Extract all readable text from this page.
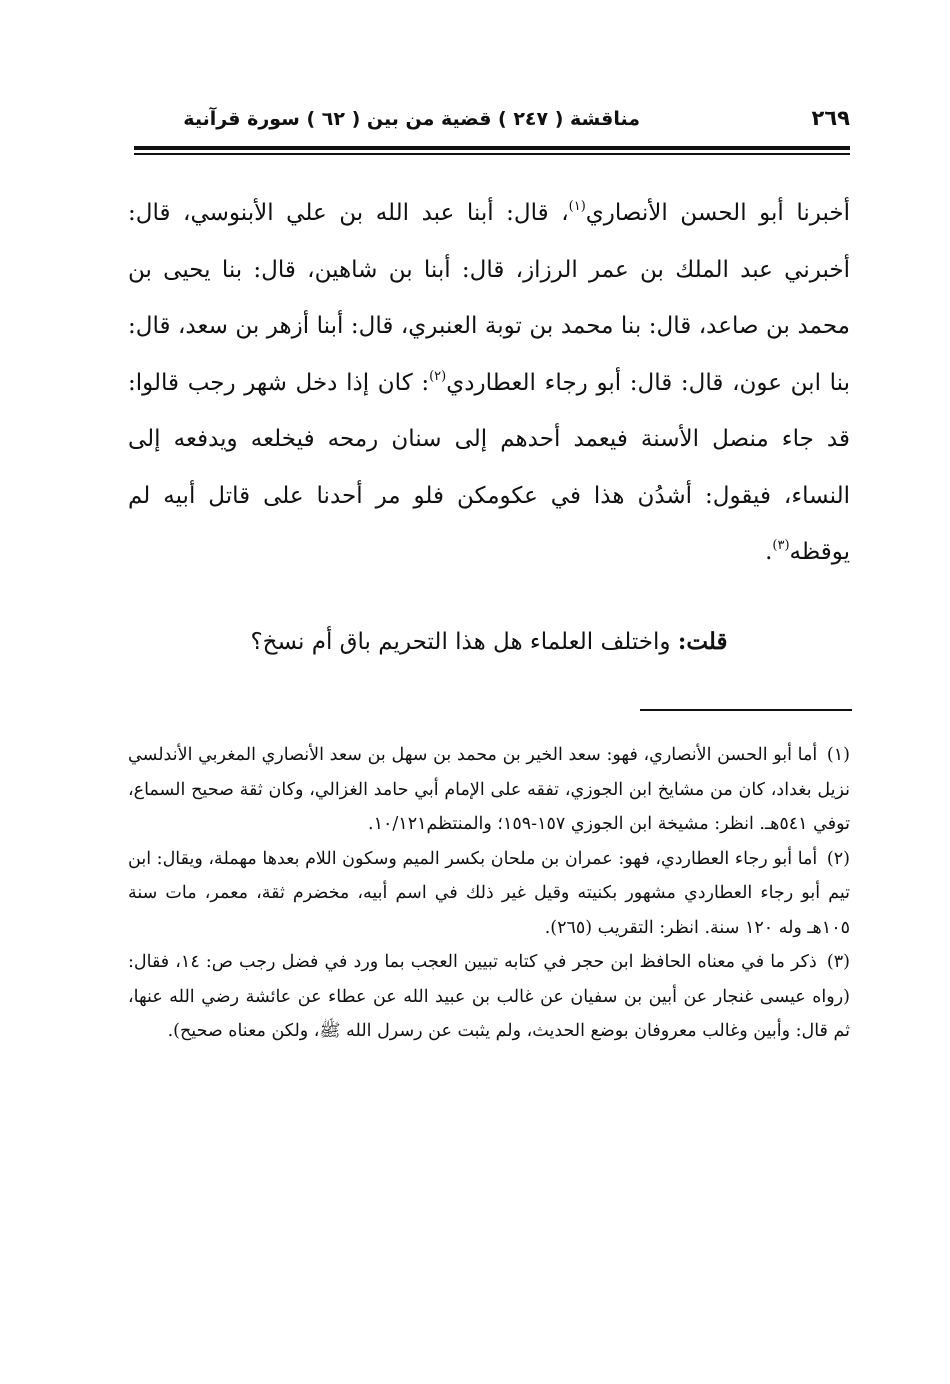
٢٦٩
مناقشة ( ٢٤٧ ) قضية من بين ( ٦٢ ) سورة قرآنية

أخبرنا أبو الحسن الأنصاري$^{(١)}$، قال: أبنا عبد الله بن علي الأبنوسي، قال: أخبرني عبد الملك بن عمر الرزاز، قال: أبنا بن شاهين، قال: بنا يحيى بن محمد بن صاعد، قال: بنا محمد بن توبة العنبري، قال: أبنا أزهر بن سعد، قال: بنا ابن عون، قال: قال: أبو رجاء العطاردي$^{(٢)}$: كان إذا دخل شهر رجب قالوا: قد جاء منصل الأسنة فيعمد أحدهم إلى سنان رمحه فيخلعه ويدفعه إلى النساء، فيقول: أشدُن هذا في عكومكن فلو مر أحدنا على قاتل أبيه لم يوقظه$^{(٣)}$.

قلت: واختلف العلماء هل هذا التحريم باق أم نسخ؟

(١) أما أبو الحسن الأنصاري، فهو: سعد الخير بن محمد بن سهل بن سعد الأنصاري المغربي الأندلسي نزيل بغداد، كان من مشايخ ابن الجوزي، تفقه على الإمام أبي حامد الغزالي، وكان ثقة صحيح السماع، توفي ٥٤١هـ. انظر: مشيخة ابن الجوزي ١٥٧-١٥٩؛ والمنتظم١٠/١٢١.

(٢) أما أبو رجاء العطاردي، فهو: عمران بن ملحان بكسر الميم وسكون اللام بعدها مهملة، ويقال: ابن تيم أبو رجاء العطاردي مشهور بكنيته وقيل غير ذلك في اسم أبيه، مخضرم ثقة، معمر، مات سنة ١٠٥هـ وله ١٢٠ سنة. انظر: التقريب (٢٦٥).

(٣) ذكر ما في معناه الحافظ ابن حجر في كتابه تبيين العجب بما ورد في فضل رجب ص: ١٤، فقال: (رواه عيسى غنجار عن أبين بن سفيان عن غالب بن عبيد الله عن عطاء عن عائشة رضي الله عنها، ثم قال: وأبين وغالب معروفان بوضع الحديث، ولم يثبت عن رسرل الله ﷺ، ولكن معناه صحيح).
